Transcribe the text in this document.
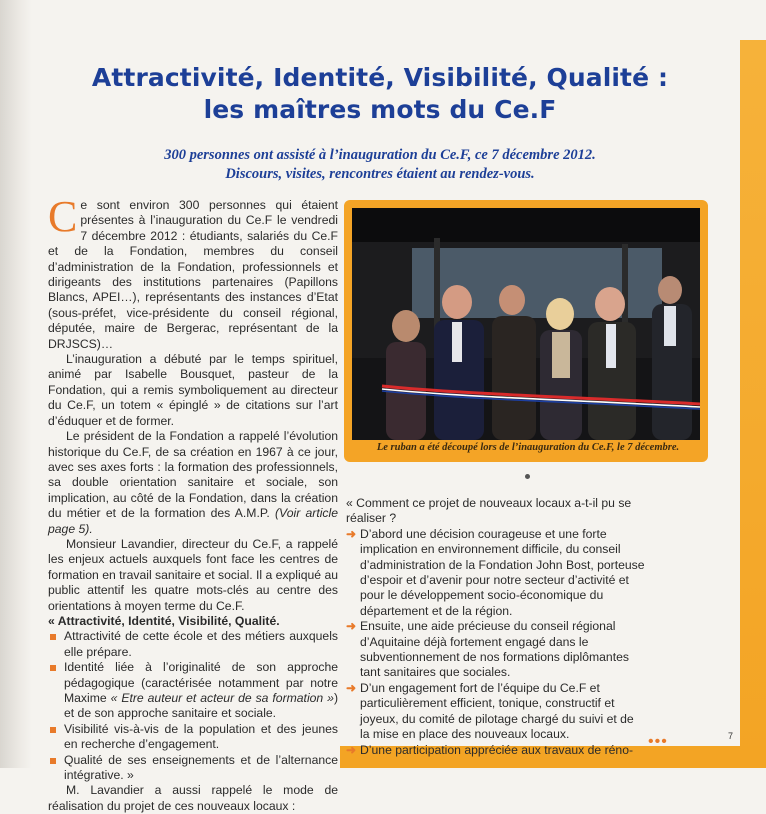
Attractivité, Identité, Visibilité, Qualité :
les maîtres mots du Ce.F
300 personnes ont assisté à l’inauguration du Ce.F, ce 7 décembre 2012.
Discours, visites, rencontres étaient au rendez-vous.

Ce sont environ 300 personnes qui étaient présentes à l’inauguration du Ce.F le vendredi 7 décembre 2012 : étudiants, salariés du Ce.F et de la Fondation, membres du conseil d’administration de la Fondation, professionnels et dirigeants des institutions partenaires (Papillons Blancs, APEI…), représentants des instances d’Etat (sous-préfet, vice-présidente du conseil régional, députée, maire de Bergerac, représentant de la DRJSCS)…

L’inauguration a débuté par le temps spirituel, animé par Isabelle Bousquet, pasteur de la Fondation, qui a remis symboliquement au directeur du Ce.F, un totem « épinglé » de citations sur l’art d’éduquer et de former.

Le président de la Fondation a rappelé l’évolution historique du Ce.F, de sa création en 1967 à ce jour, avec ses axes forts : la formation des professionnels, sa double orientation sanitaire et sociale, son implication, au côté de la Fondation, dans la création du métier et de la formation des A.M.P. (Voir article page 5).

Monsieur Lavandier, directeur du Ce.F, a rappelé les enjeux actuels auxquels font face les centres de formation en travail sanitaire et social. Il a expliqué au public attentif les quatre mots-clés au centre des orientations à moyen terme du Ce.F.

« Attractivité, Identité, Visibilité, Qualité.

Attractivité de cette école et des métiers auxquels elle prépare.
Identité liée à l’originalité de son approche pédagogique (caractérisée notamment par notre Maxime « Etre auteur et acteur de sa formation ») et de son approche sanitaire et sociale.
Visibilité vis-à-vis de la population et des jeunes en recherche d’engagement.
Qualité de ses enseignements et de l’alternance intégrative. »

M. Lavandier a aussi rappelé le mode de réalisation du projet de ces nouveaux locaux :

Le ruban a été découpé lors de l’inauguration du Ce.F, le 7 décembre.

« Comment ce projet de nouveaux locaux a-t-il pu se réaliser ?

➜ D’abord une décision courageuse et une forte implication en environnement difficile, du conseil d’administration de la Fondation John Bost, porteuse d’espoir et d’avenir pour notre secteur d’activité et pour le développement socio-économique du département et de la région.
➜ Ensuite, une aide précieuse du conseil régional d’Aquitaine déjà fortement engagé dans le subventionnement de nos formations diplômantes tant sanitaires que sociales.
➜ D’un engagement fort de l’équipe du Ce.F et particulièrement efficient, tonique, constructif et joyeux, du comité de pilotage chargé du suivi et de la mise en place des nouveaux locaux.
➜ D’une participation appréciée aux travaux de réno- •••	7
